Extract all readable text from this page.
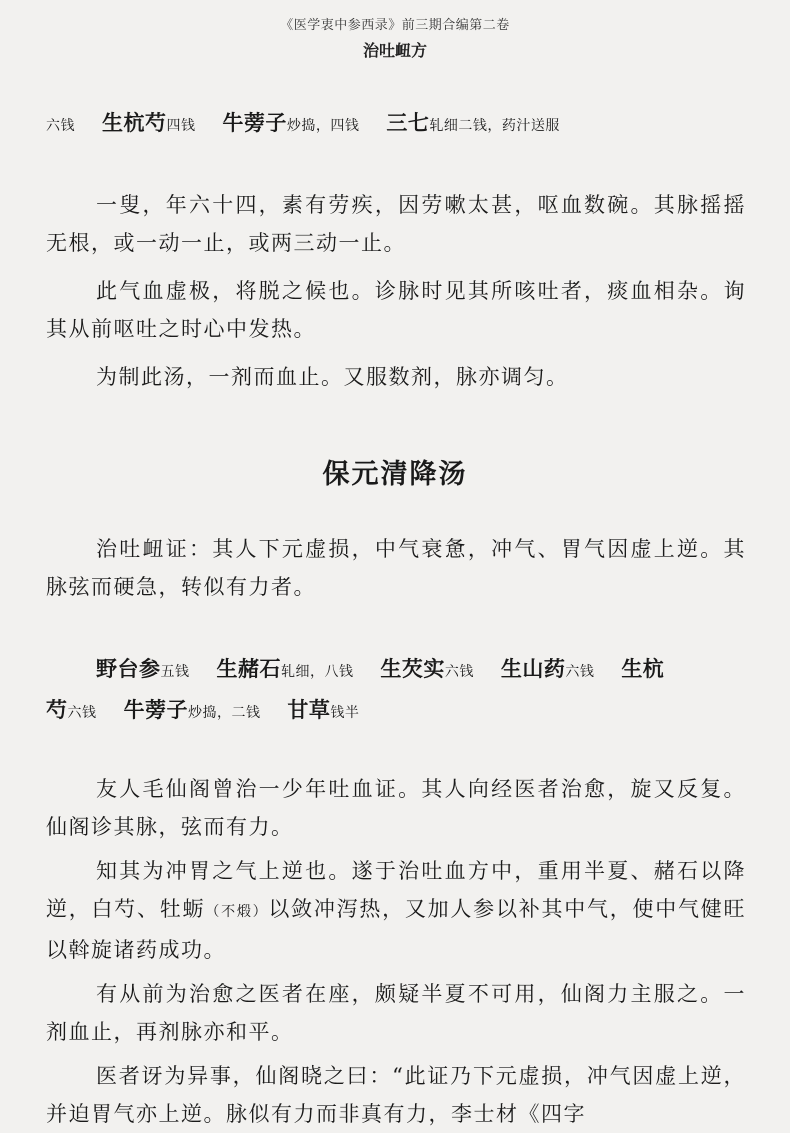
《医学衷中参西录》前三期合编第二卷
治吐衄方

六钱 生杭芍四钱 牛蒡子炒捣，四钱 三七轧细二钱，药汁送服

一叟，年六十四，素有劳疾，因劳嗽太甚，呕血数碗。其脉摇摇无根，或一动一止，或两三动一止。

此气血虚极，将脱之候也。诊脉时见其所咳吐者，痰血相杂。询其从前呕吐之时心中发热。

为制此汤，一剂而血止。又服数剂，脉亦调匀。

保元清降汤

治吐衄证：其人下元虚损，中气衰惫，冲气、胃气因虚上逆。其脉弦而硬急，转似有力者。

野台参五钱 生赭石轧细，八钱 生芡实六钱 生山药六钱 生杭

芍六钱 牛蒡子炒捣，二钱 甘草钱半

友人毛仙阁曾治一少年吐血证。其人向经医者治愈，旋又反复。仙阁诊其脉，弦而有力。

知其为冲胃之气上逆也。遂于治吐血方中，重用半夏、赭石以降逆，白芍、牡蛎（不煅）以敛冲泻热，又加人参以补其中气，使中气健旺以斡旋诸药成功。

有从前为治愈之医者在座，颇疑半夏不可用，仙阁力主服之。一剂血止，再剂脉亦和平。

医者讶为异事，仙阁晓之曰：“此证乃下元虚损，冲气因虚上逆，并迫胃气亦上逆。脉似有力而非真有力，李士材《四字
